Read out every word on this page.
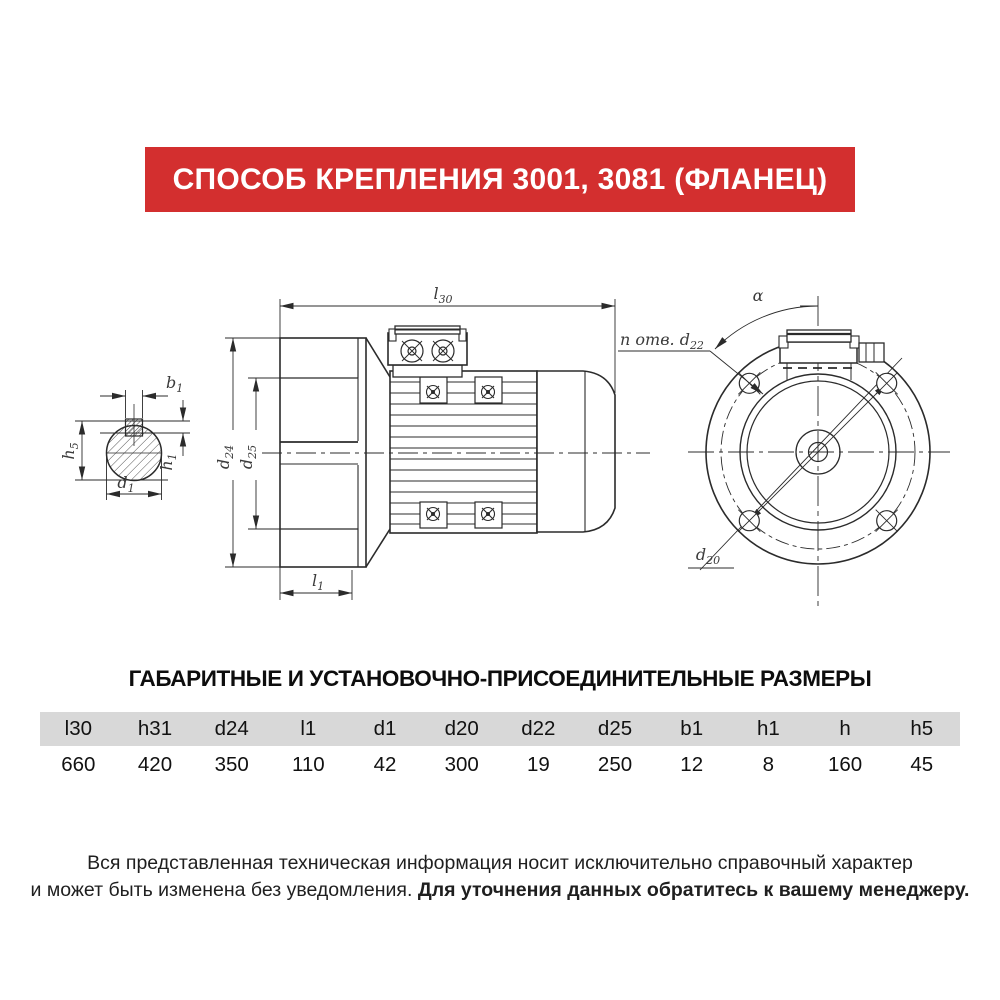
СПОСОБ КРЕПЛЕНИЯ 3001, 3081 (ФЛАНЕЦ)
$b_1$
$h_5$
$h_1$
$d_1$
$l_{30}$
$d_{24}$
$d_{25}$
$l_1$
α
n отв. $d_{22}$
$d_{20}$
ГАБАРИТНЫЕ И УСТАНОВОЧНО-ПРИСОЕДИНИТЕЛЬНЫЕ РАЗМЕРЫ
l30	h31	d24	l1	d1	d20	d22	d25	b1	h1	h	h5
660	420	350	110	42	300	19	250	12	8	160	45
Вся представленная техническая информация носит исключительно справочный характер
и может быть изменена без уведомления. Для уточнения данных обратитесь к вашему менеджеру.
